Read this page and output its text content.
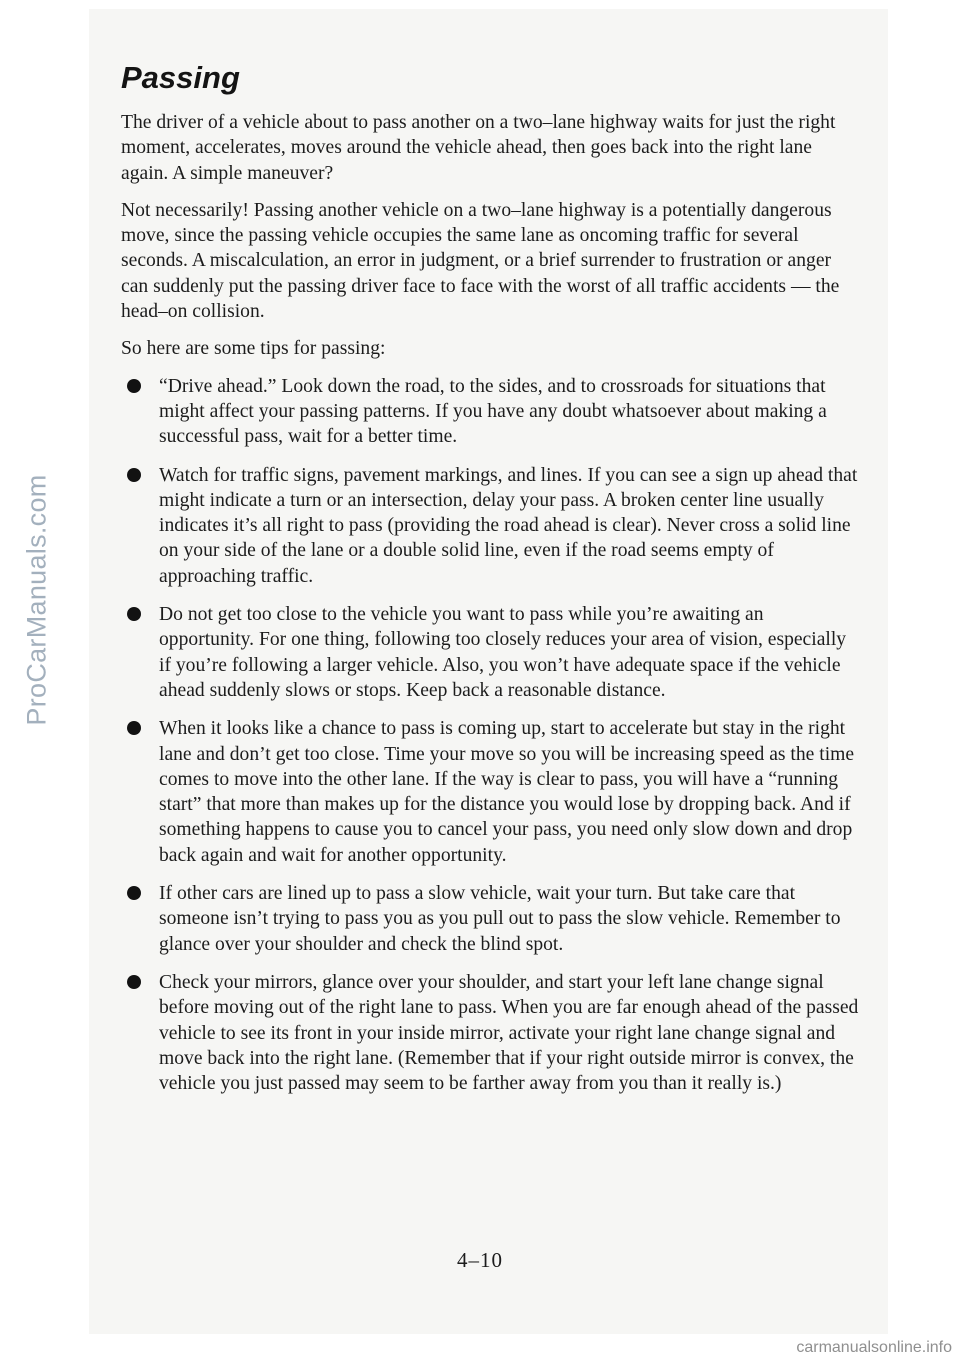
ProCarManuals.com
Passing

The driver of a vehicle about to pass another on a two–lane highway waits for just the right moment, accelerates, moves around the vehicle ahead, then goes back into the right lane again. A simple maneuver?

Not necessarily! Passing another vehicle on a two–lane highway is a potentially dangerous move, since the passing vehicle occupies the same lane as oncoming traffic for several seconds. A miscalculation, an error in judgment, or a brief surrender to frustration or anger can suddenly put the passing driver face to face with the worst of all traffic accidents — the head–on collision.

So here are some tips for passing:

“Drive ahead.” Look down the road, to the sides, and to crossroads for situations that might affect your passing patterns. If you have any doubt whatsoever about making a successful pass, wait for a better time.
Watch for traffic signs, pavement markings, and lines. If you can see a sign up ahead that might indicate a turn or an intersection, delay your pass. A broken center line usually indicates it’s all right to pass (providing the road ahead is clear). Never cross a solid line on your side of the lane or a double solid line, even if the road seems empty of approaching traffic.
Do not get too close to the vehicle you want to pass while you’re awaiting an opportunity. For one thing, following too closely reduces your area of vision, especially if you’re following a larger vehicle. Also, you won’t have adequate space if the vehicle ahead suddenly slows or stops. Keep back a reasonable distance.
When it looks like a chance to pass is coming up, start to accelerate but stay in the right lane and don’t get too close. Time your move so you will be increasing speed as the time comes to move into the other lane. If the way is clear to pass, you will have a “running start” that more than makes up for the distance you would lose by dropping back. And if something happens to cause you to cancel your pass, you need only slow down and drop back again and wait for another opportunity.
If other cars are lined up to pass a slow vehicle, wait your turn. But take care that someone isn’t trying to pass you as you pull out to pass the slow vehicle. Remember to glance over your shoulder and check the blind spot.
Check your mirrors, glance over your shoulder, and start your left lane change signal before moving out of the right lane to pass. When you are far enough ahead of the passed vehicle to see its front in your inside mirror, activate your right lane change signal and move back into the right lane. (Remember that if your right outside mirror is convex, the vehicle you just passed may seem to be farther away from you than it really is.)
4–10
carmanualsonline.info
